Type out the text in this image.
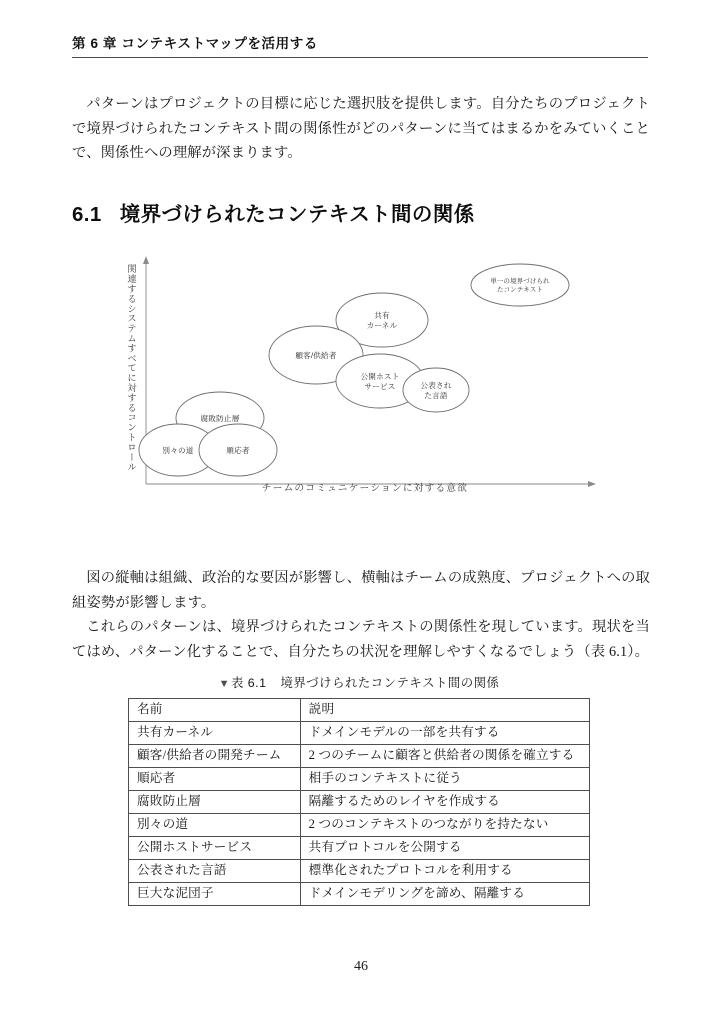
第 6 章 コンテキストマップを活用する

パターンはプロジェクトの目標に応じた選択肢を提供します。自分たちのプロジェクトで境界づけられたコンテキスト間の関係性がどのパターンに当てはまるかをみていくことで、関係性への理解が深まります。

6.1 境界づけられたコンテキスト間の関係
単一の境界づけられたコンテキスト
共有カーネル
顧客/供給者
公開ホストサービス	公表された言語
腐敗防止層
別々の道	順応者
関連するシステムすべてに対するコントロール
チームのコミュニケーションに対する意欲

図の縦軸は組織、政治的な要因が影響し、横軸はチームの成熟度、プロジェクトへの取組姿勢が影響します。

これらのパターンは、境界づけられたコンテキストの関係性を現しています。現状を当てはめ、パターン化することで、自分たちの状況を理解しやすくなるでしょう（表 6.1）。

▼表 6.1 境界づけられたコンテキスト間の関係
名前	説明
共有カーネル	ドメインモデルの一部を共有する
顧客/供給者の開発チーム	2 つのチームに顧客と供給者の関係を確立する
順応者	相手のコンテキストに従う
腐敗防止層	隔離するためのレイヤを作成する
別々の道	2 つのコンテキストのつながりを持たない
公開ホストサービス	共有プロトコルを公開する
公表された言語	標準化されたプロトコルを利用する
巨大な泥団子	ドメインモデリングを諦め、隔離する
46
